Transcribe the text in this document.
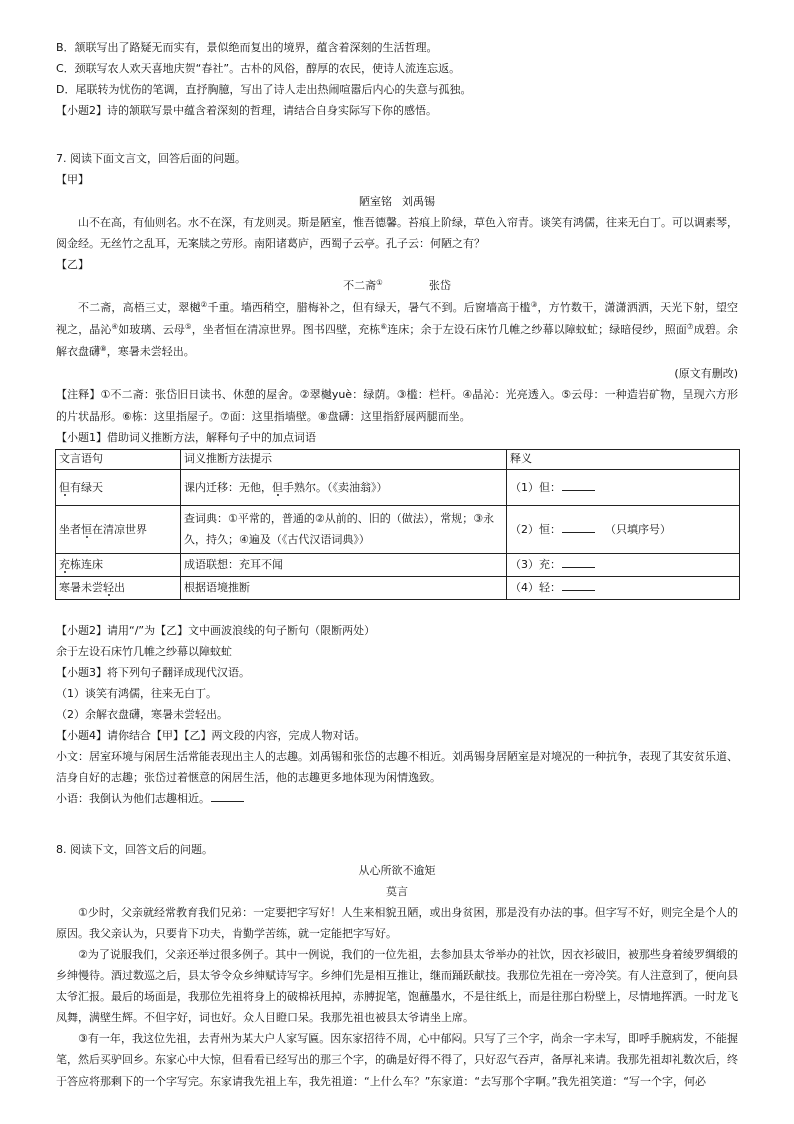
B．颔联写出了路疑无而实有，景似绝而复出的境界，蕴含着深刻的生活哲理。

C．颈联写农人欢天喜地庆贺“春社”。古朴的风俗，醇厚的农民，使诗人流连忘返。

D．尾联转为忧伤的笔调，直抒胸臆，写出了诗人走出热闹喧嚣后内心的失意与孤独。

【小题2】诗的颔联写景中蕴含着深刻的哲理，请结合自身实际写下你的感悟。

7. 阅读下面文言文，回答后面的问题。

【甲】

陋室铭 刘禹锡

山不在高，有仙则名。水不在深，有龙则灵。斯是陋室，惟吾德馨。苔痕上阶绿，草色入帘青。谈笑有鸿儒，往来无白丁。可以调素琴，阅金经。无丝竹之乱耳，无案牍之劳形。南阳诸葛庐，西蜀子云亭。孔子云：何陋之有？

【乙】

不二斋①	张岱

不二斋，高梧三丈，翠樾②千重。墙西稍空，腊梅补之，但有绿天，暑气不到。后窗墙高于槛③，方竹数干，潇潇洒洒，天光下射，望空视之，晶沁④如玻璃、云母⑤，坐者恒在清凉世界。图书四壁，充栋⑥连床；余于左设石床竹几帷之纱幕以障蚊虻；绿暗侵纱，照面⑦成碧。余解衣盘礴⑧，寒暑未尝轻出。

(原文有删改)

【注释】①不二斋：张岱旧日读书、休憩的屋舍。②翠樾yuè：绿荫。③槛：栏杆。④晶沁：光亮透入。⑤云母：一种造岩矿物，呈现六方形的片状晶形。⑥栋：这里指屋子。⑦面：这里指墙壁。⑧盘礴：这里指舒展两腿而坐。

【小题1】借助词义推断方法，解释句子中的加点词语

文言语句	词义推断方法提示	释义
但有绿天	课内迁移：无他，但手熟尔。（《卖油翁》）	（1）但：
坐者恒在清凉世界	查词典：①平常的，普通的②从前的、旧的（做法），常规；③永久，持久；④遍及（《古代汉语词典》）	（2）恒： （只填序号）
充栋连床	成语联想：充耳不闻	（3）充：
寒暑未尝轻出	根据语境推断	（4）轻：

【小题2】请用“/”为【乙】文中画波浪线的句子断句（限断两处）

余于左设石床竹几帷之纱幕以障蚊虻

【小题3】将下列句子翻译成现代汉语。

（1）谈笑有鸿儒，往来无白丁。

（2）余解衣盘礴，寒暑未尝轻出。

【小题4】请你结合【甲】【乙】两文段的内容，完成人物对话。

小文：居室环境与闲居生活常能表现出主人的志趣。刘禹锡和张岱的志趣不相近。刘禹锡身居陋室是对境况的一种抗争，表现了其安贫乐道、洁身自好的志趣；张岱过着惬意的闲居生活，他的志趣更多地体现为闲情逸致。

小语：我倒认为他们志趣相近。

8. 阅读下文，回答文后的问题。

从心所欲不逾矩

莫言

①少时，父亲就经常教育我们兄弟：一定要把字写好！人生来相貌丑陋，或出身贫困，那是没有办法的事。但字写不好，则完全是个人的原因。我父亲认为，只要肯下功夫，肯勤学苦练，就一定能把字写好。

②为了说服我们，父亲还举过很多例子。其中一例说，我们的一位先祖，去参加县太爷举办的社饮，因衣衫破旧，被那些身着绫罗绸缎的乡绅慢待。酒过数巡之后，县太爷令众乡绅赋诗写字。乡绅们先是相互推让，继而踊跃献技。我那位先祖在一旁冷笑。有人注意到了，便向县太爷汇报。最后的场面是，我那位先祖将身上的破棉袄甩掉，赤膊捉笔，饱蘸墨水，不是往纸上，而是往那白粉壁上，尽情地挥洒。一时龙飞凤舞，满壁生辉。不但字好，词也好。众人目瞪口呆。我那先祖也被县太爷请坐上席。

③有一年，我这位先祖，去青州为某大户人家写匾。因东家招待不周，心中郁闷。只写了三个字，尚余一字未写，即呼手腕病发，不能握笔，然后买驴回乡。东家心中大惊，但看看已经写出的那三个字，的确是好得不得了，只好忍气吞声，备厚礼来请。我那先祖却礼数次后，终于答应将那剩下的一个字写完。东家请我先祖上车，我先祖道：“上什么车？”东家道：“去写那个字啊。”我先祖笑道：“写一个字，何必
